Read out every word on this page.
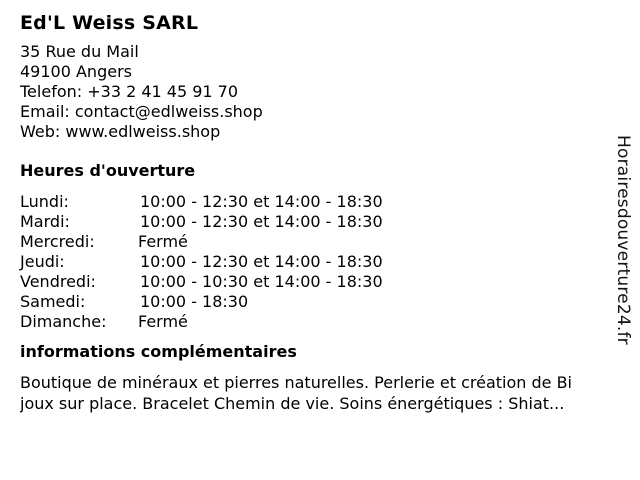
Ed'L Weiss SARL
35 Rue du Mail
49100 Angers
Telefon: +33 2 41 45 91 70
Email: contact@edlweiss.shop
Web: www.edlweiss.shop
Heures d'ouverture
Lundi:	10:00 - 12:30 et 14:00 - 18:30
Mardi:	10:00 - 12:30 et 14:00 - 18:30
Mercredi:	Fermé
Jeudi:	10:00 - 12:30 et 14:00 - 18:30
Vendredi:	10:00 - 10:30 et 14:00 - 18:30
Samedi:	10:00 - 18:30
Dimanche: Fermé
informations complémentaires
Boutique de minéraux et pierres naturelles. Perlerie et création de Bi
joux sur place. Bracelet Chemin de vie. Soins énergétiques : Shiat...
Horairesdouverture24.fr
